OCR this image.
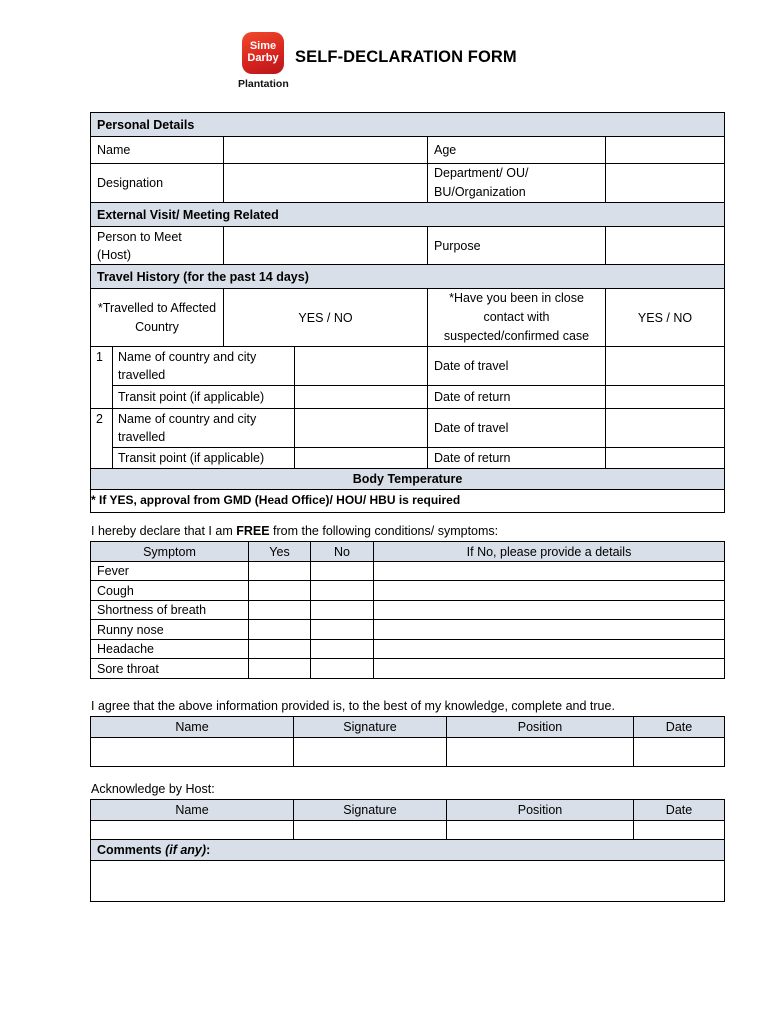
Sime
Darby
Plantation
SELF-DECLARATION FORM
Personal Details					
Name				Age	
Designation				Department/ OU/ BU/Organization	
External Visit/ Meeting Related					
Person to Meet (Host)				Purpose	
Travel History (for the past 14 days)					
*Travelled to Affected Country		YES / NO		*Have you been in close contact with suspected/confirmed case	YES / NO
1	Name of country and city travelled			Date of travel	
	Transit point (if applicable)			Date of return	
2	Name of country and city travelled			Date of travel	
	Transit point (if applicable)			Date of return	
Body Temperature					

* If YES, approval from GMD (Head Office)/ HOU/ HBU is required
I hereby declare that I am FREE from the following conditions/ symptoms:
Symptom	Yes	No	If No, please provide a details
Fever			
Cough			
Shortness of breath			
Runny nose			
Headache			
Sore throat			
I agree that the above information provided is, to the best of my knowledge, complete and true.
Name	Signature	Position	Date

Acknowledge by Host:
Name	Signature	Position	Date

Comments (if any):			
